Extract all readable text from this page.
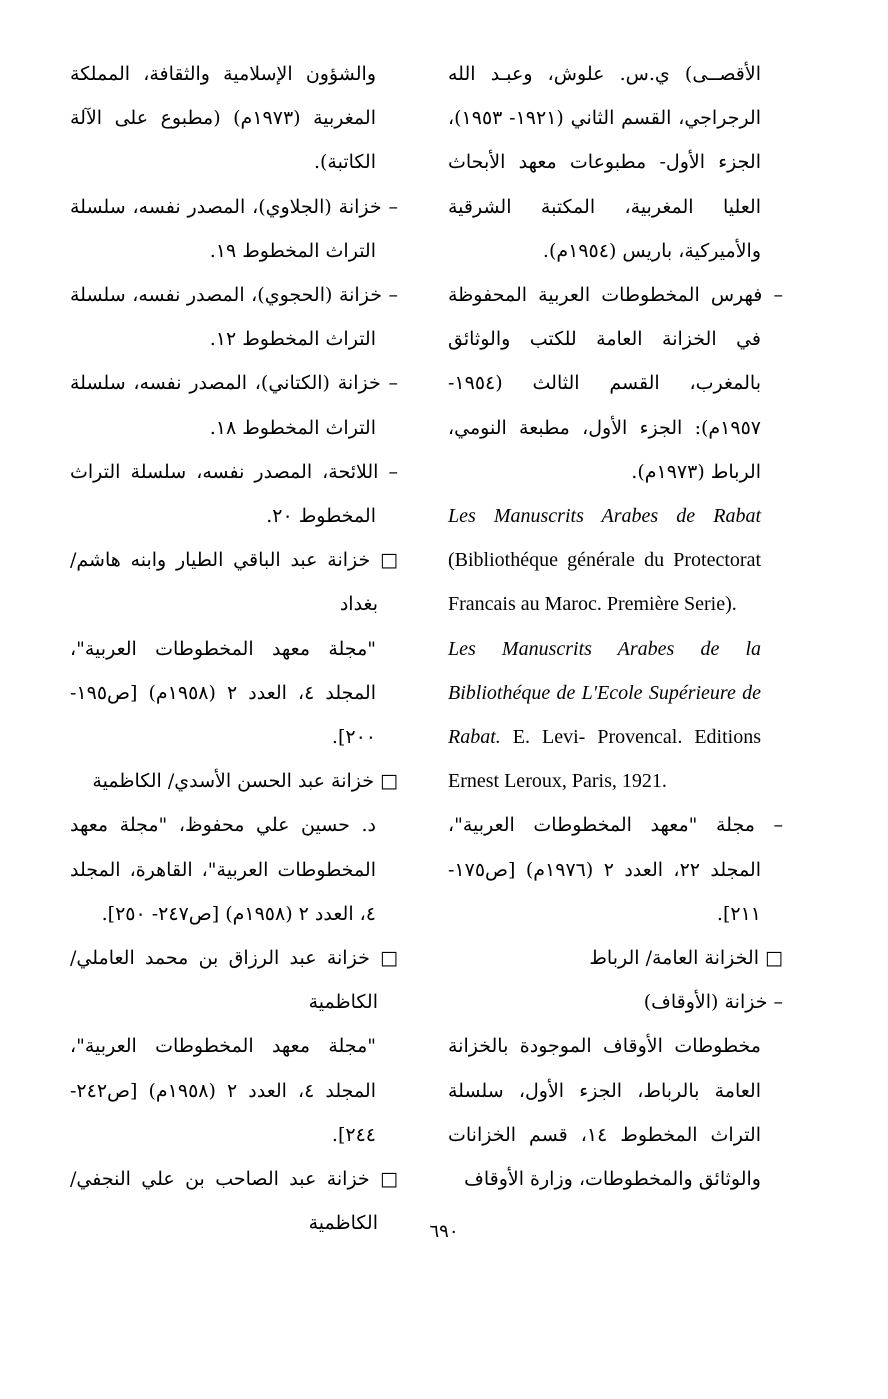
الأقصــى) ي.س. علوش، وعبـد الله الرجراجي، القسم الثاني (١٩٢١- ١٩٥٣)، الجزء الأول- مطبوعات معهد الأبحاث العليا المغربية، المكتبة الشرقية والأميركية، باريس (١٩٥٤م).

– فهرس المخطوطات العربية المحفوظة في الخزانة العامة للكتب والوثائق بالمغرب، القسم الثالث (١٩٥٤- ١٩٥٧م): الجزء الأول، مطبعة النومي، الرباط (١٩٧٣م).

Les Manuscrits Arabes de Rabat (Bibliothéque générale du Protectorat Francais au Maroc. Première Serie).

Les Manuscrits Arabes de la Bibliothéque de L'Ecole Supérieure de Rabat. E. Levi- Provencal. Editions Ernest Leroux, Paris, 1921.

– مجلة "معهد المخطوطات العربية"، المجلد ٢٢، العدد ٢ (١٩٧٦م) [ص١٧٥- ٢١١].

□ الخزانة العامة/ الرباط

– خزانة (الأوقاف)

مخطوطات الأوقاف الموجودة بالخزانة العامة بالرباط، الجزء الأول، سلسلة التراث المخطوط ١٤، قسم الخزانات والوثائق والمخطوطات، وزارة الأوقاف

والشؤون الإسلامية والثقافة، المملكة المغربية (١٩٧٣م) (مطبوع على الآلة الكاتبة).

– خزانة (الجلاوي)، المصدر نفسه، سلسلة التراث المخطوط ١٩.

– خزانة (الحجوي)، المصدر نفسه، سلسلة التراث المخطوط ١٢.

– خزانة (الكتاني)، المصدر نفسه، سلسلة التراث المخطوط ١٨.

– اللائحة، المصدر نفسه، سلسلة التراث المخطوط ٢٠.

□ خزانة عبد الباقي الطيار وابنه هاشم/ بغداد

"مجلة معهد المخطوطات العربية"، المجلد ٤، العدد ٢ (١٩٥٨م) [ص١٩٥- ٢٠٠].

□ خزانة عبد الحسن الأسدي/ الكاظمية

د. حسين علي محفوظ، "مجلة معهد المخطوطات العربية"، القاهرة، المجلد ٤، العدد ٢ (١٩٥٨م) [ص٢٤٧- ٢٥٠].

□ خزانة عبد الرزاق بن محمد العاملي/ الكاظمية

"مجلة معهد المخطوطات العربية"، المجلد ٤، العدد ٢ (١٩٥٨م) [ص٢٤٢- ٢٤٤].

□ خزانة عبد الصاحب بن علي النجفي/ الكاظمية	٦٩٠
